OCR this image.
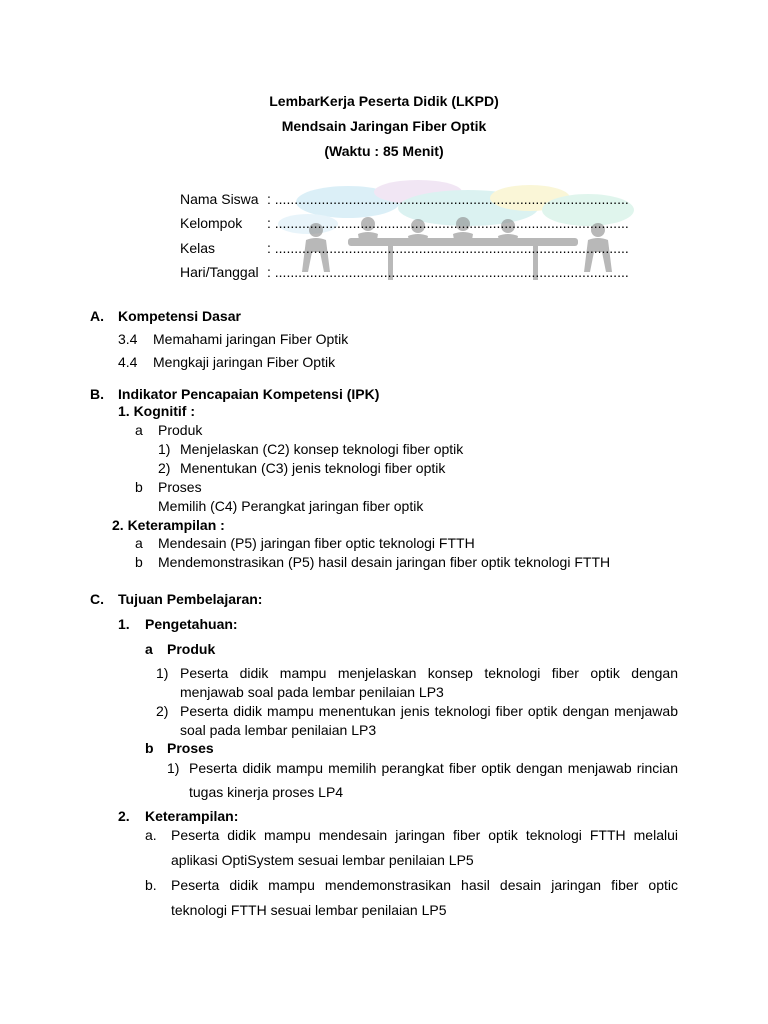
LembarKerja Peserta Didik (LKPD)
Mendsain Jaringan Fiber Optik
(Waktu : 85 Menit)
Nama Siswa : ...........................................................................................
Kelompok : ...........................................................................................
Kelas	: ...........................................................................................
Hari/Tanggal : ...........................................................................................
A. Kompetensi Dasar
3.4 Memahami jaringan Fiber Optik
4.4 Mengkaji jaringan Fiber Optik
B. Indikator Pencapaian Kompetensi (IPK)
1. Kognitif :
a Produk
1) Menjelaskan (C2) konsep teknologi fiber optik
2) Menentukan (C3) jenis teknologi fiber optik
b Proses
Memilih (C4) Perangkat jaringan fiber optik
2. Keterampilan :
a Mendesain (P5) jaringan fiber optic teknologi FTTH
b Mendemonstrasikan (P5) hasil desain jaringan fiber optik teknologi FTTH
C. Tujuan Pembelajaran:
1. Pengetahuan:
a Produk
1) Peserta didik mampu menjelaskan konsep teknologi fiber optik dengan
menjawab soal pada lembar penilaian LP3
2) Peserta didik mampu menentukan jenis teknologi fiber optik dengan menjawab
soal pada lembar penilaian LP3
b Proses
1) Peserta didik mampu memilih perangkat fiber optik dengan menjawab rincian
tugas kinerja proses LP4
2. Keterampilan:
a. Peserta didik mampu mendesain jaringan fiber optik teknologi FTTH melalui
aplikasi OptiSystem sesuai lembar penilaian LP5
b. Peserta didik mampu mendemonstrasikan hasil desain jaringan fiber optic
teknologi FTTH sesuai lembar penilaian LP5
